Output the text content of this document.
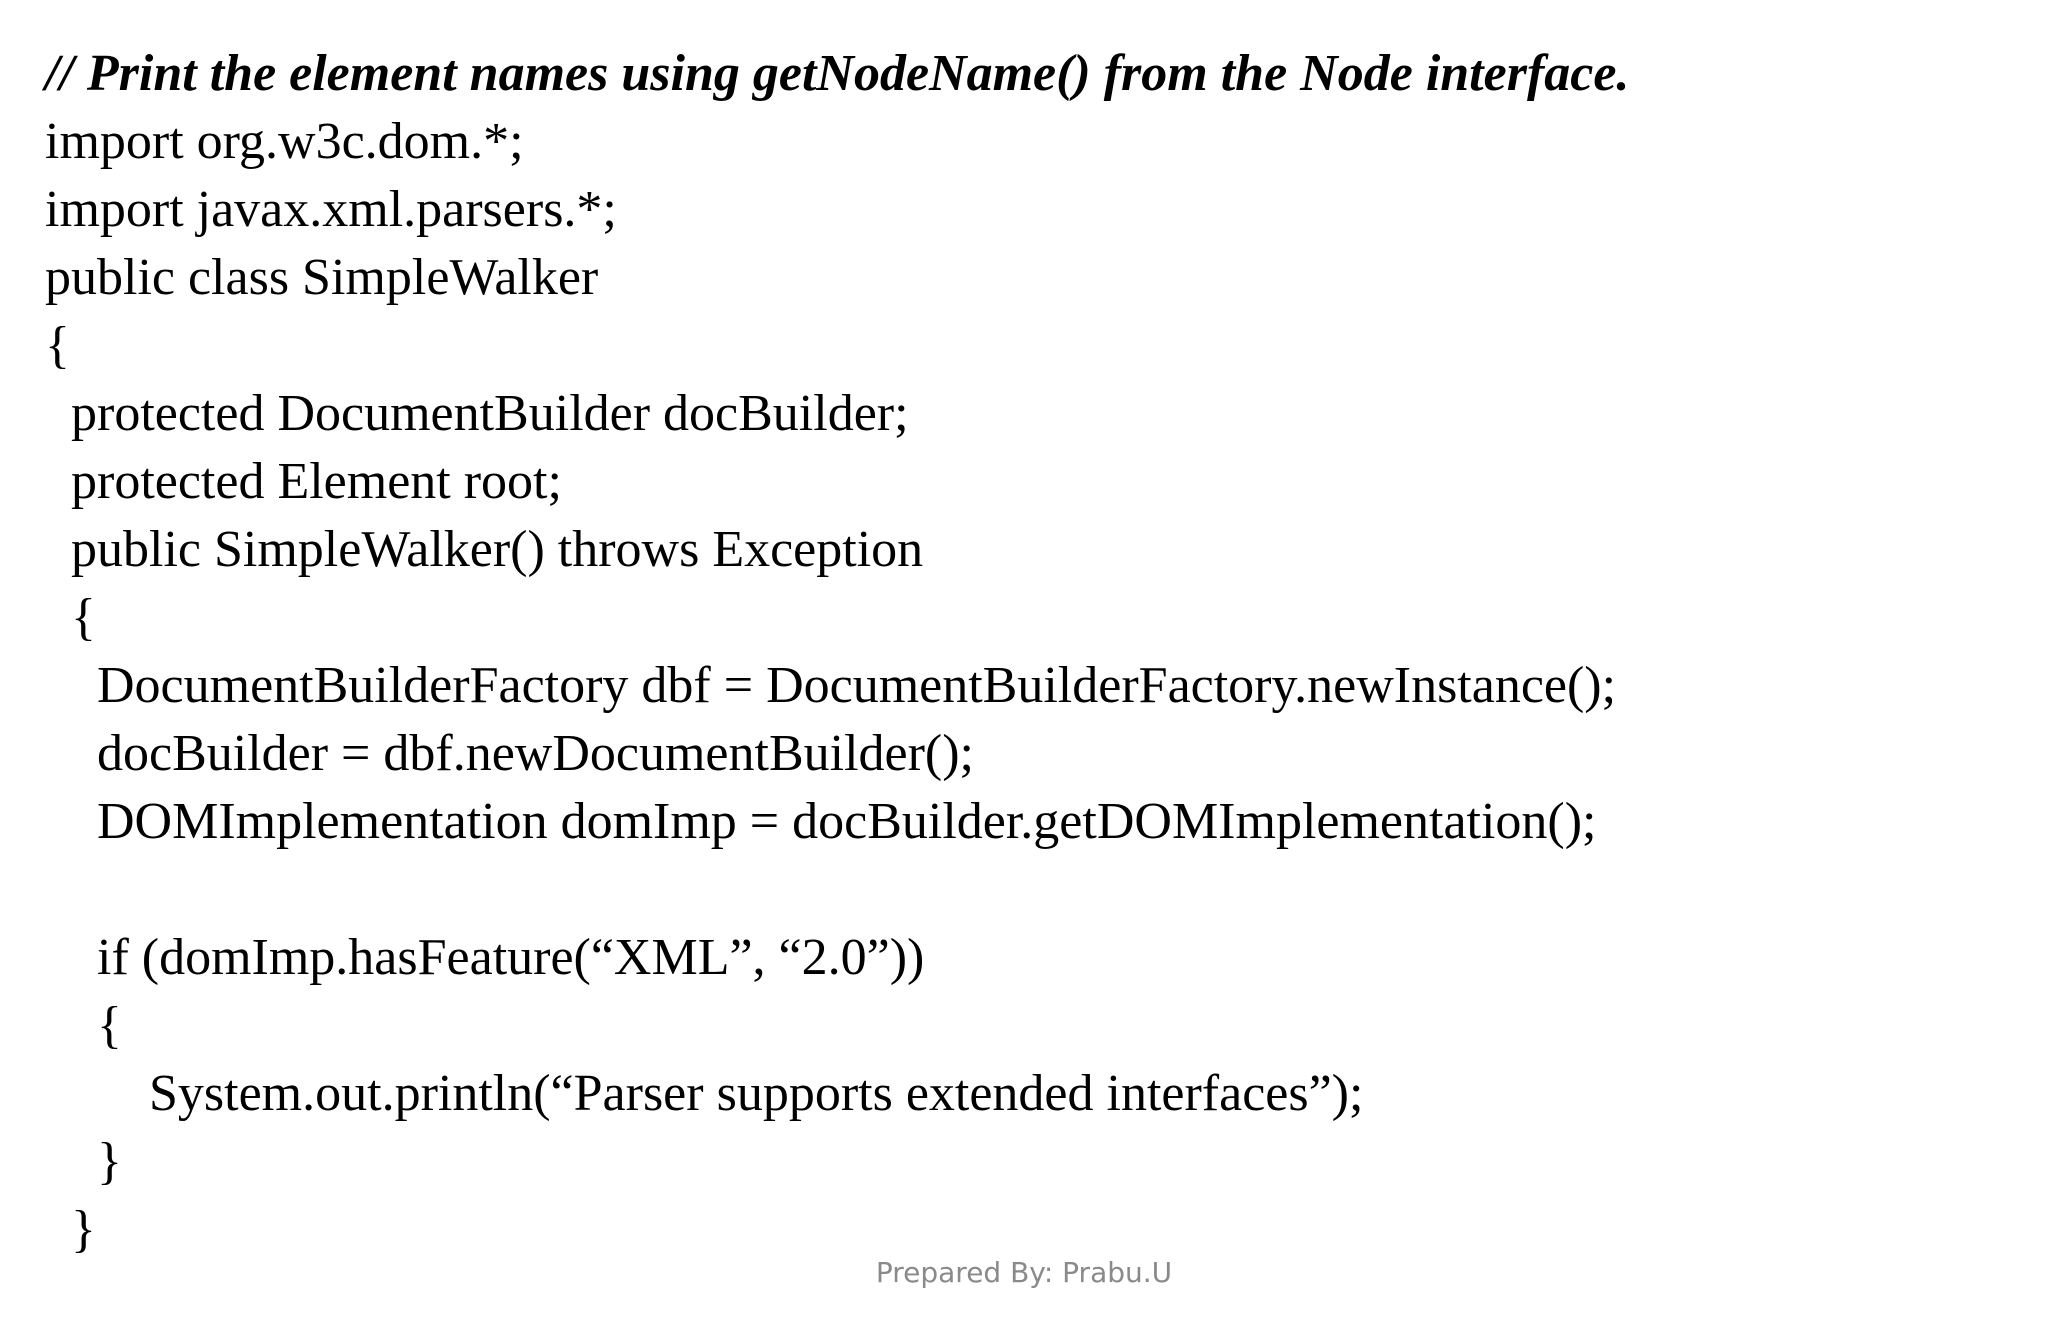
// Print the element names using getNodeName() from the Node interface.
import org.w3c.dom.*;
import javax.xml.parsers.*;
public class SimpleWalker
{
protected DocumentBuilder docBuilder;
protected Element root;
public SimpleWalker() throws Exception
{
DocumentBuilderFactory dbf = DocumentBuilderFactory.newInstance();
docBuilder = dbf.newDocumentBuilder();
DOMImplementation domImp = docBuilder.getDOMImplementation();
if (domImp.hasFeature(“XML”, “2.0”))
{
System.out.println(“Parser supports extended interfaces”);
}
}
Prepared By: Prabu.U
